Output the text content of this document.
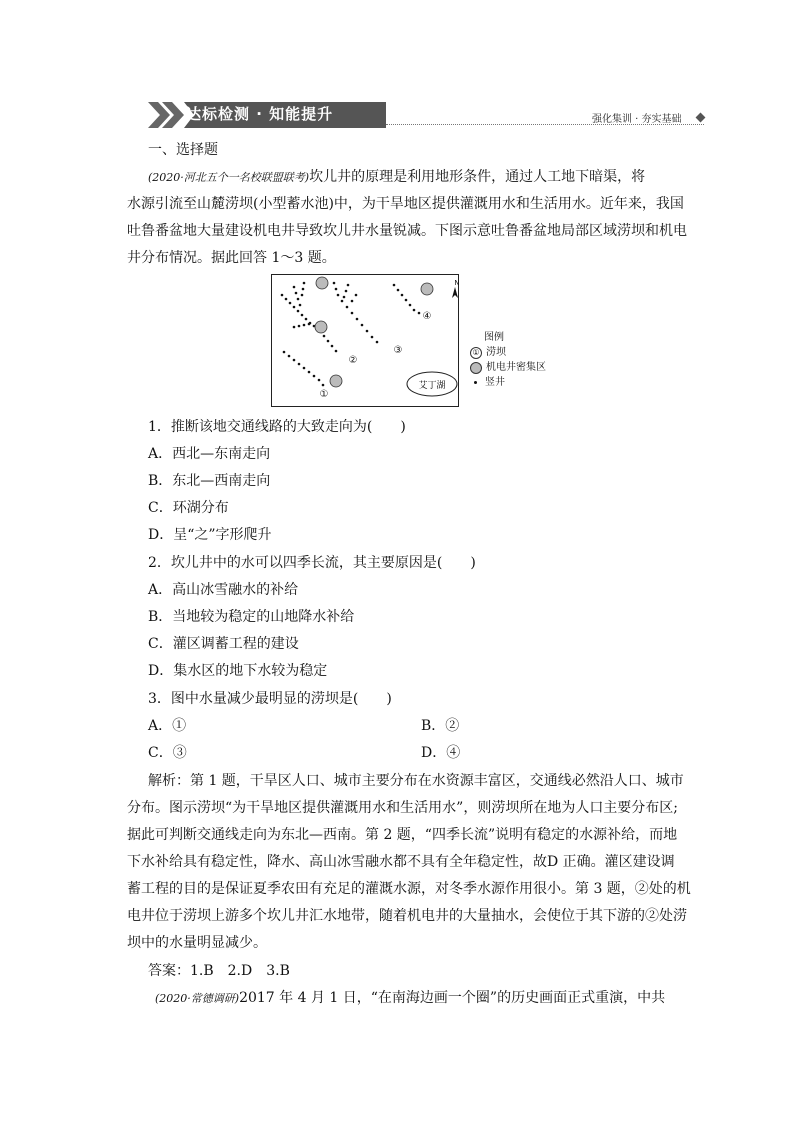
达标检测 · 知能提升	强化集训 · 夯实基础
一、选择题
(2020·河北五个一名校联盟联考)坎儿井的原理是利用地形条件，通过人工地下暗渠，将
水源引流至山麓涝坝(小型蓄水池)中，为干旱地区提供灌溉用水和生活用水。近年来，我国
吐鲁番盆地大量建设机电井导致坎儿井水量锐减。下图示意吐鲁番盆地局部区域涝坝和机电
井分布情况。据此回答 1～3 题。
①
②
③
④
N
艾丁湖
图例
① 涝坝
机电井密集区
竖井
1．推断该地交通线路的大致走向为(　　)
A．西北—东南走向
B．东北—西南走向
C．环湖分布
D．呈“之”字形爬升
2．坎儿井中的水可以四季长流，其主要原因是(　　)
A．高山冰雪融水的补给
B．当地较为稳定的山地降水补给
C．灌区调蓄工程的建设
D．集水区的地下水较为稳定
3．图中水量减少最明显的涝坝是(　　)
A．①	B．②
C．③	D．④
解析：第 1 题，干旱区人口、城市主要分布在水资源丰富区，交通线必然沿人口、城市
分布。图示涝坝“为干旱地区提供灌溉用水和生活用水”，则涝坝所在地为人口主要分布区;
据此可判断交通线走向为东北—西南。第 2 题，“四季长流”说明有稳定的水源补给，而地
下水补给具有稳定性，降水、高山冰雪融水都不具有全年稳定性，故D 正确。灌区建设调
蓄工程的目的是保证夏季农田有充足的灌溉水源，对冬季水源作用很小。第 3 题，②处的机
电井位于涝坝上游多个坎儿井汇水地带，随着机电井的大量抽水，会使位于其下游的②处涝
坝中的水量明显减少。
答案：1.B　2.D　3.B
(2020·常德调研)2017 年 4 月 1 日，“在南海边画一个圈”的历史画面正式重演，中共
